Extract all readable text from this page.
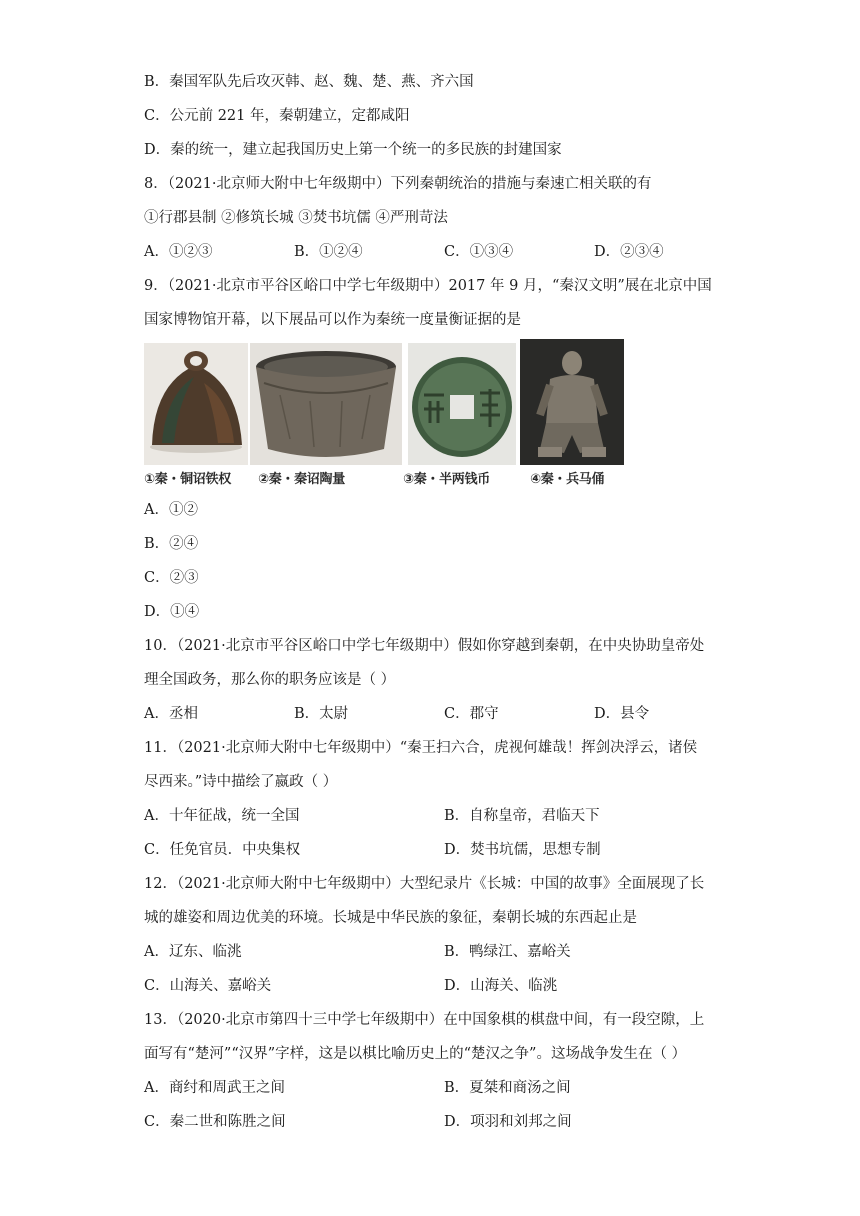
B．秦国军队先后攻灭韩、赵、魏、楚、燕、齐六国
C．公元前 221 年，秦朝建立，定都咸阳
D．秦的统一，建立起我国历史上第一个统一的多民族的封建国家
8．（2021·北京师大附中七年级期中）下列秦朝统治的措施与秦速亡相关联的有
①行郡县制 ②修筑长城 ③焚书坑儒 ④严刑苛法
A．①②③	B．①②④	C．①③④	D．②③④
9．（2021·北京市平谷区峪口中学七年级期中）2017 年 9 月，“秦汉文明”展在北京中国
国家博物馆开幕，以下展品可以作为秦统一度量衡证据的是
①秦・铜诏铁权 ②秦・秦诏陶量	③秦・半两钱币	④秦・兵马俑
A．①②
B．②④
C．②③
D．①④
10．（2021·北京市平谷区峪口中学七年级期中）假如你穿越到秦朝，在中央协助皇帝处
理全国政务，那么你的职务应该是（ ）
A．丞相	B．太尉	C．郡守	D．县令
11．（2021·北京师大附中七年级期中）“秦王扫六合，虎视何雄哉！挥剑决浮云，诸侯
尽西来。”诗中描绘了嬴政（ ）
A．十年征战，统一全国	B．自称皇帝，君临天下
C．任免官员．中央集权	D．焚书坑儒，思想专制
12．（2021·北京师大附中七年级期中）大型纪录片《长城：中国的故事》全面展现了长
城的雄姿和周边优美的环境。长城是中华民族的象征，秦朝长城的东西起止是
A．辽东、临洮	B．鸭绿江、嘉峪关
C．山海关、嘉峪关	D．山海关、临洮
13．（2020·北京市第四十三中学七年级期中）在中国象棋的棋盘中间，有一段空隙，上
面写有“楚河”“汉界”字样，这是以棋比喻历史上的“楚汉之争”。这场战争发生在（ ）
A．商纣和周武王之间	B．夏桀和商汤之间
C．秦二世和陈胜之间	D．项羽和刘邦之间
